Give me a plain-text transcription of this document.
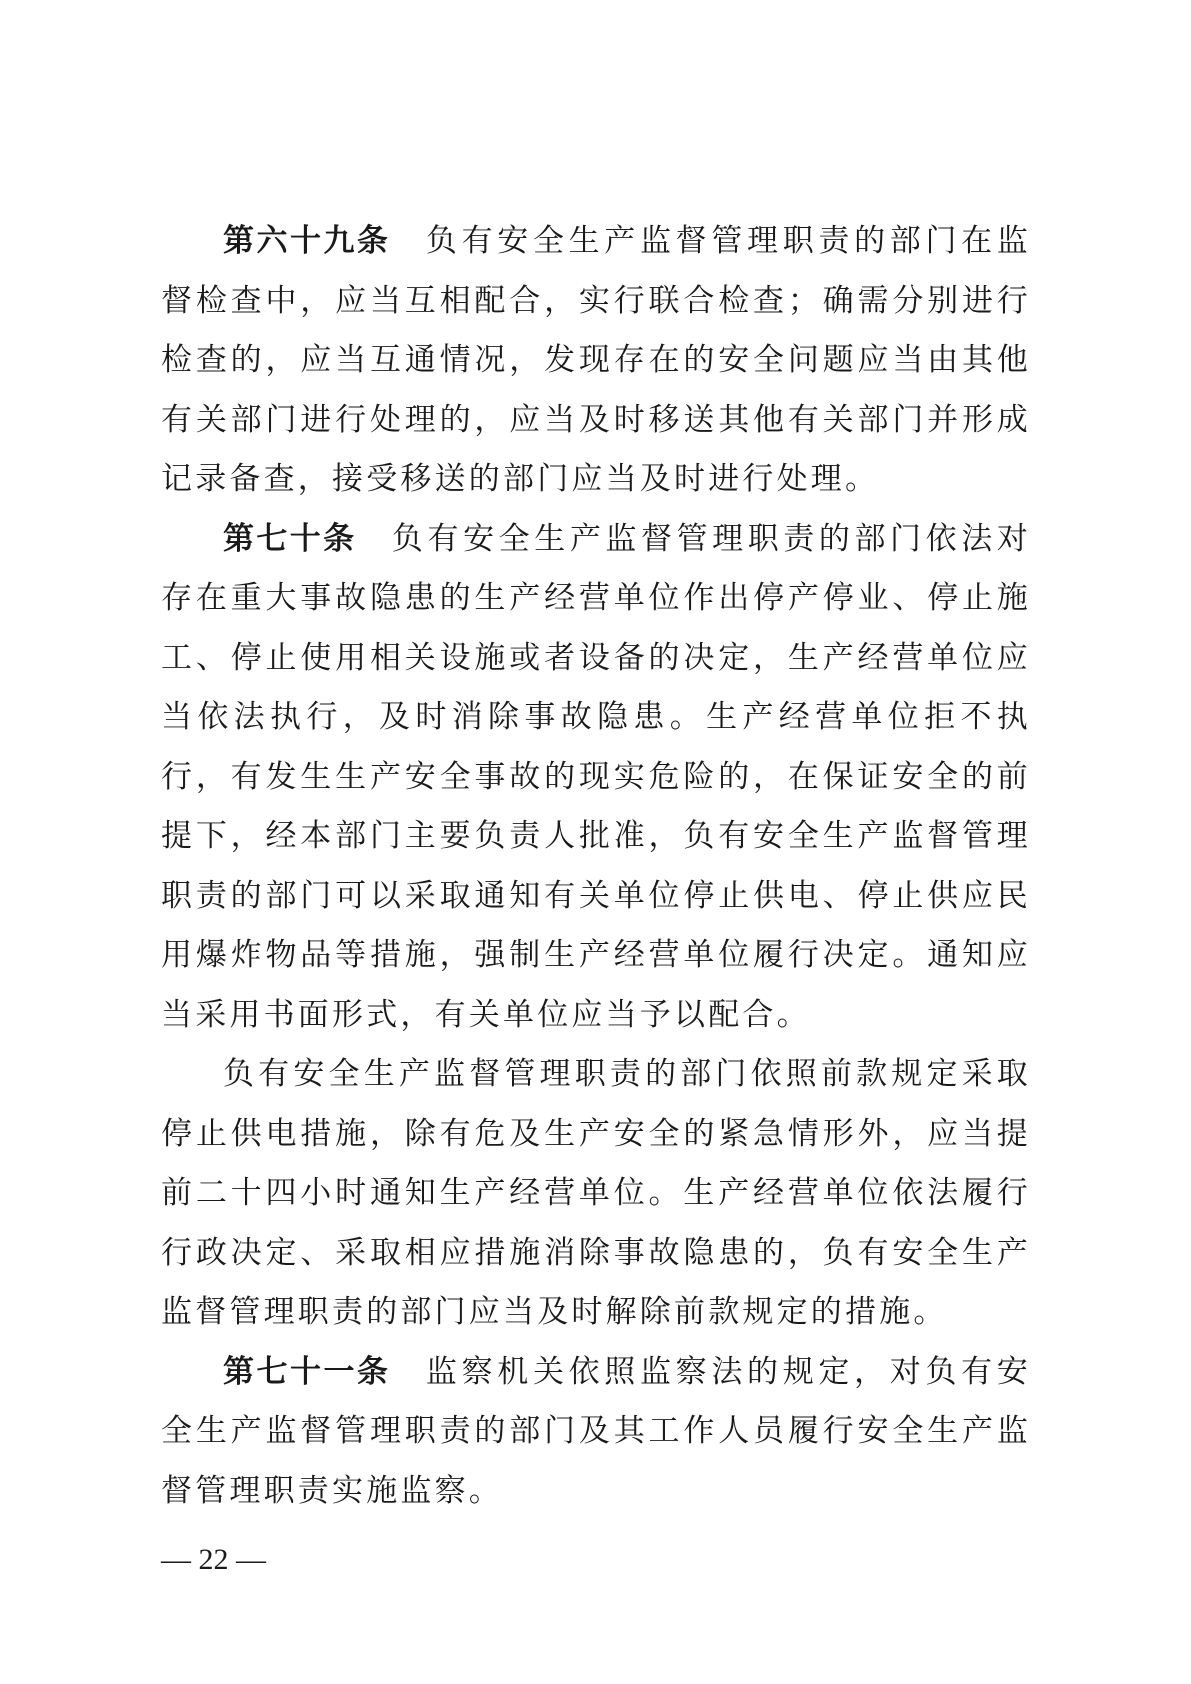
第六十九条 负有安全生产监督管理职责的部门在监督检查中，应当互相配合，实行联合检查；确需分别进行检查的，应当互通情况，发现存在的安全问题应当由其他有关部门进行处理的，应当及时移送其他有关部门并形成记录备查，接受移送的部门应当及时进行处理。

第七十条 负有安全生产监督管理职责的部门依法对存在重大事故隐患的生产经营单位作出停产停业、停止施工、停止使用相关设施或者设备的决定，生产经营单位应当依法执行，及时消除事故隐患。生产经营单位拒不执行，有发生生产安全事故的现实危险的，在保证安全的前提下，经本部门主要负责人批准，负有安全生产监督管理职责的部门可以采取通知有关单位停止供电、停止供应民用爆炸物品等措施，强制生产经营单位履行决定。通知应当采用书面形式，有关单位应当予以配合。

负有安全生产监督管理职责的部门依照前款规定采取停止供电措施，除有危及生产安全的紧急情形外，应当提前二十四小时通知生产经营单位。生产经营单位依法履行行政决定、采取相应措施消除事故隐患的，负有安全生产监督管理职责的部门应当及时解除前款规定的措施。

第七十一条 监察机关依照监察法的规定，对负有安全生产监督管理职责的部门及其工作人员履行安全生产监督管理职责实施监察。

— 22 —
